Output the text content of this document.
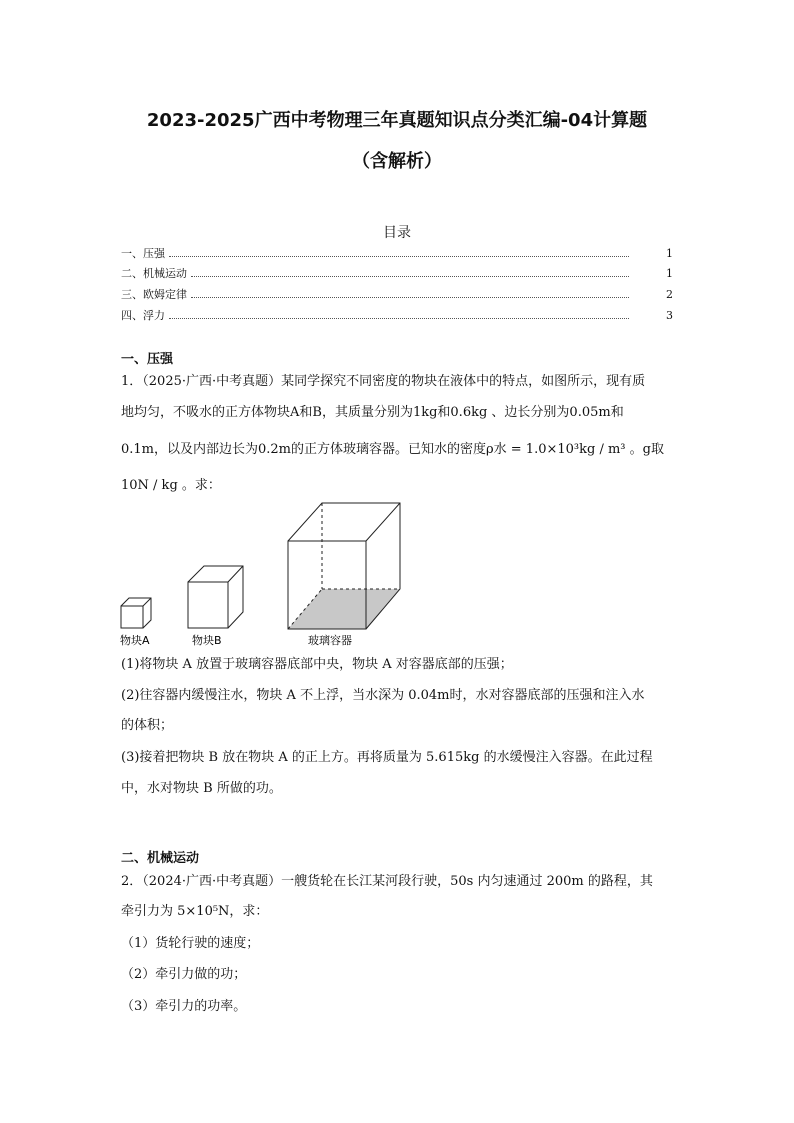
2023-2025广西中考物理三年真题知识点分类汇编-04计算题
（含解析）
目录
一、压强	1
二、机械运动	1
三、欧姆定律	2
四、浮力	3
一、压强
1．（2025·广西·中考真题）某同学探究不同密度的物块在液体中的特点，如图所示，现有质
地均匀，不吸水的正方体物块A和B，其质量分别为1kg和0.6kg 、边长分别为0.05m和
0.1m，以及内部边长为0.2m的正方体玻璃容器。已知水的密度ρ水 = 1.0×10³kg / m³ 。g取
10N / kg 。求：
物块A	物块B	玻璃容器
(1)将物块 A 放置于玻璃容器底部中央，物块 A 对容器底部的压强；
(2)往容器内缓慢注水，物块 A 不上浮，当水深为 0.04m时，水对容器底部的压强和注入水
的体积；
(3)接着把物块 B 放在物块 A 的正上方。再将质量为 5.615kg 的水缓慢注入容器。在此过程
中，水对物块 B 所做的功。
二、机械运动
2．（2024·广西·中考真题）一艘货轮在长江某河段行驶，50s 内匀速通过 200m 的路程，其
牵引力为 5×10⁵N，求：
（1）货轮行驶的速度；
（2）牵引力做的功；
（3）牵引力的功率。
